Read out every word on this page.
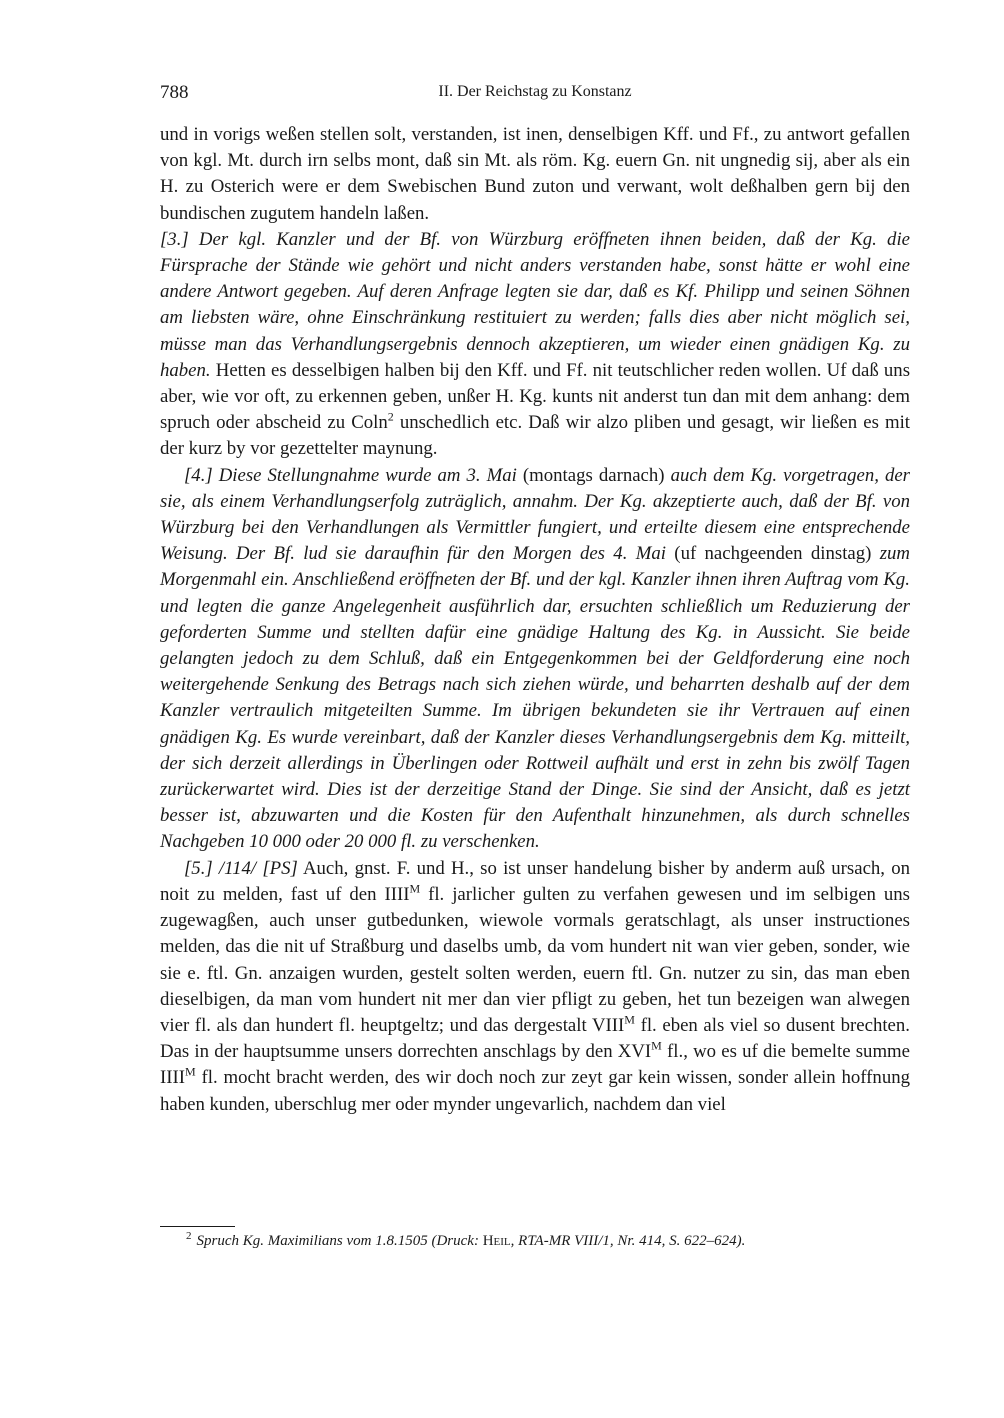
788	II. Der Reichstag zu Konstanz

und in vorigs weßen stellen solt, verstanden, ist inen, denselbigen Kff. und Ff., zu antwort gefallen von kgl. Mt. durch irn selbs mont, daß sin Mt. als röm. Kg. euern Gn. nit ungnedig sij, aber als ein H. zu Osterich were er dem Swebischen Bund zuton und verwant, wolt deßhalben gern bij den bundischen zugutem handeln laßen.

[3.] Der kgl. Kanzler und der Bf. von Würzburg eröffneten ihnen beiden, daß der Kg. die Fürsprache der Stände wie gehört und nicht anders verstanden habe, sonst hätte er wohl eine andere Antwort gegeben. Auf deren Anfrage legten sie dar, daß es Kf. Philipp und seinen Söhnen am liebsten wäre, ohne Einschränkung restituiert zu werden; falls dies aber nicht möglich sei, müsse man das Verhandlungsergebnis dennoch akzeptieren, um wieder einen gnädigen Kg. zu haben. Hetten es desselbigen halben bij den Kff. und Ff. nit teutschlicher reden wollen. Uf daß uns aber, wie vor oft, zu erkennen geben, unßer H. Kg. kunts nit anderst tun dan mit dem anhang: dem spruch oder abscheid zu Coln$^2$ unschedlich etc. Daß wir alzo pliben und gesagt, wir ließen es mit der kurz by vor gezettelter maynung.

[4.] Diese Stellungnahme wurde am 3. Mai (montags darnach) auch dem Kg. vorgetragen, der sie, als einem Verhandlungserfolg zuträglich, annahm. Der Kg. akzeptierte auch, daß der Bf. von Würzburg bei den Verhandlungen als Vermittler fungiert, und erteilte diesem eine entsprechende Weisung. Der Bf. lud sie daraufhin für den Morgen des 4. Mai (uf nachgeenden dinstag) zum Morgenmahl ein. Anschließend eröffneten der Bf. und der kgl. Kanzler ihnen ihren Auftrag vom Kg. und legten die ganze Angelegenheit ausführlich dar, ersuchten schließlich um Reduzierung der geforderten Summe und stellten dafür eine gnädige Haltung des Kg. in Aussicht. Sie beide gelangten jedoch zu dem Schluß, daß ein Entgegenkommen bei der Geldforderung eine noch weitergehende Senkung des Betrags nach sich ziehen würde, und beharrten deshalb auf der dem Kanzler vertraulich mitgeteilten Summe. Im übrigen bekundeten sie ihr Vertrauen auf einen gnädigen Kg. Es wurde vereinbart, daß der Kanzler dieses Verhandlungsergebnis dem Kg. mitteilt, der sich derzeit allerdings in Überlingen oder Rottweil aufhält und erst in zehn bis zwölf Tagen zurückerwartet wird. Dies ist der derzeitige Stand der Dinge. Sie sind der Ansicht, daß es jetzt besser ist, abzuwarten und die Kosten für den Aufenthalt hinzunehmen, als durch schnelles Nachgeben 10 000 oder 20 000 fl. zu verschenken.

[5.] /114/ [PS] Auch, gnst. F. und H., so ist unser handelung bisher by anderm auß ursach, on noit zu melden, fast uf den $IIII^M$ fl. jarlicher gulten zu verfahen gewesen und im selbigen uns zugewagßen, auch unser gutbedunken, wiewole vormals geratschlagt, als unser instructiones melden, das die nit uf Straßburg und daselbs umb, da vom hundert nit wan vier geben, sonder, wie sie e. ftl. Gn. anzaigen wurden, gestelt solten werden, euern ftl. Gn. nutzer zu sin, das man eben dieselbigen, da man vom hundert nit mer dan vier pfligt zu geben, het tun bezeigen wan alwegen vier fl. als dan hundert fl. heuptgeltz; und das dergestalt $VIII^M$ fl. eben als viel so dusent brechten. Das in der hauptsumme unsers dorrechten anschlags by den $XVI^M$ fl., wo es uf die bemelte summe $IIII^M$ fl. mocht bracht werden, des wir doch noch zur zeyt gar kein wissen, sonder allein hoffnung haben kunden, uberschlug mer oder mynder ungevarlich, nachdem dan viel

$^2$ Spruch Kg. Maximilians vom 1.8.1505 (Druck: Heil, RTA-MR VIII/1, Nr. 414, S. 622–624).
